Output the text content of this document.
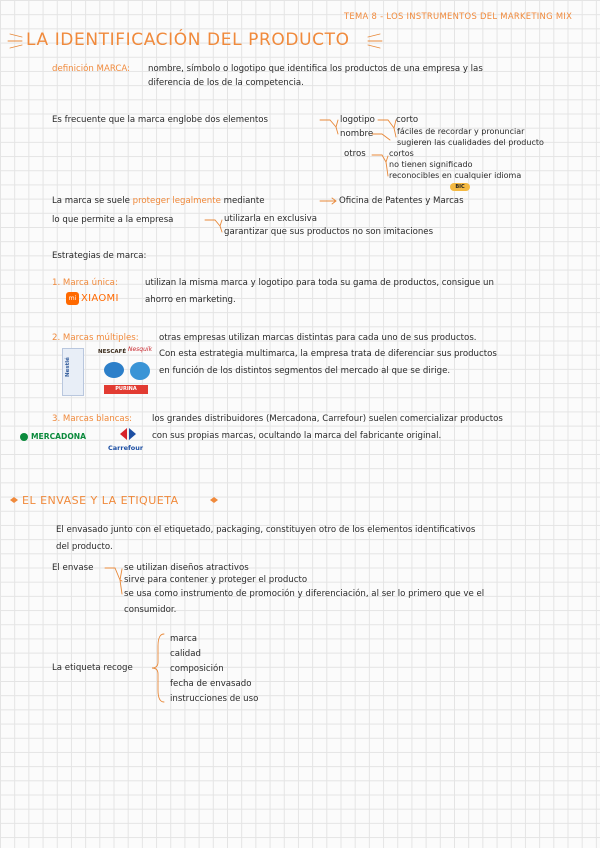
TEMA 8 - LOS INSTRUMENTOS DEL MARKETING MIX
LA IDENTIFICACIÓN DEL PRODUCTO
definición MARCA: nombre, símbolo o logotipo que identifica los productos de una empresa y las
diferencia de los de la competencia.
Es frecuente que la marca englobe dos elementos	logotipo
nombre
corto
fáciles de recordar y pronunciar
sugieren las cualidades del producto
otros	cortos
no tienen significado
reconocibles en cualquier idioma
BIC
La marca se suele proteger legalmente mediante	Oficina de Patentes y Marcas
lo que permite a la empresa	utilizarla en exclusiva
garantizar que sus productos no son imitaciones
Estrategias de marca:
1. Marca única:	utilizan la misma marca y logotipo para toda su gama de productos, consigue un
mi XIAOMI	ahorro en marketing.
2. Marcas múltiples: otras empresas utilizan marcas distintas para cada uno de sus productos.
Con esta estrategia multimarca, la empresa trata de diferenciar sus productos
en función de los distintos segmentos del mercado al que se dirige.
Nestlé
NESCAFÉ Nesquik
PURINA
3. Marcas blancas: los grandes distribuidores (Mercadona, Carrefour) suelen comercializar productos
con sus propias marcas, ocultando la marca del fabricante original.
MERCADONA
Carrefour
EL ENVASE Y LA ETIQUETA
El envasado junto con el etiquetado, packaging, constituyen otro de los elementos identificativos
del producto.
El envase	se utilizan diseños atractivos
sirve para contener y proteger el producto
se usa como instrumento de promoción y diferenciación, al ser lo primero que ve el
consumidor.
La etiqueta recoge
marca
calidad
composición
fecha de envasado
instrucciones de uso
